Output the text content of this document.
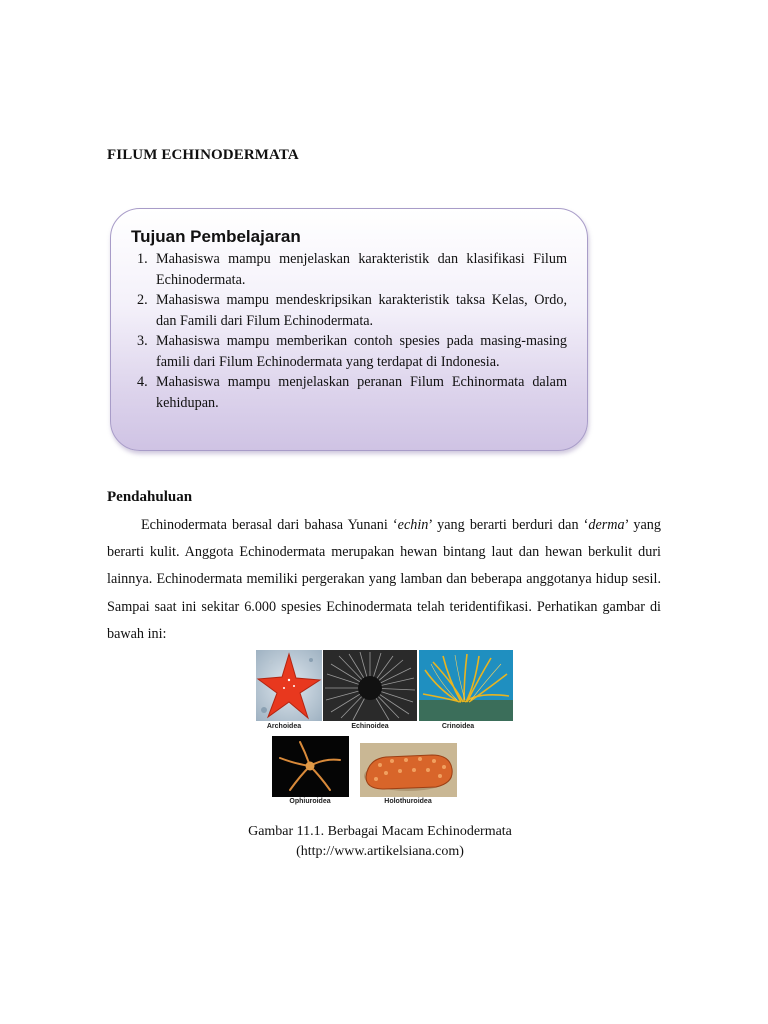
FILUM ECHINODERMATA
Tujuan Pembelajaran
1. Mahasiswa mampu menjelaskan karakteristik dan klasifikasi Filum Echinodermata.
2. Mahasiswa mampu mendeskripsikan karakteristik taksa Kelas, Ordo, dan Famili dari Filum Echinodermata.
3. Mahasiswa mampu memberikan contoh spesies pada masing-masing famili dari Filum Echinodermata yang terdapat di Indonesia.
4. Mahasiswa mampu menjelaskan peranan Filum Echinormata dalam kehidupan.
Pendahuluan

Echinodermata berasal dari bahasa Yunani ‘echin’ yang berarti berduri dan ‘derma’ yang berarti kulit. Anggota Echinodermata merupakan hewan bintang laut dan hewan berkulit duri lainnya. Echinodermata memiliki pergerakan yang lamban dan beberapa anggotanya hidup sesil. Sampai saat ini sekitar 6.000 spesies Echinodermata telah teridentifikasi. Perhatikan gambar di bawah ini:

Archoidea	Echinoidea	Crinoidea
Ophiuroidea	Holothuroidea
Gambar 11.1. Berbagai Macam Echinodermata
(http://www.artikelsiana.com)
